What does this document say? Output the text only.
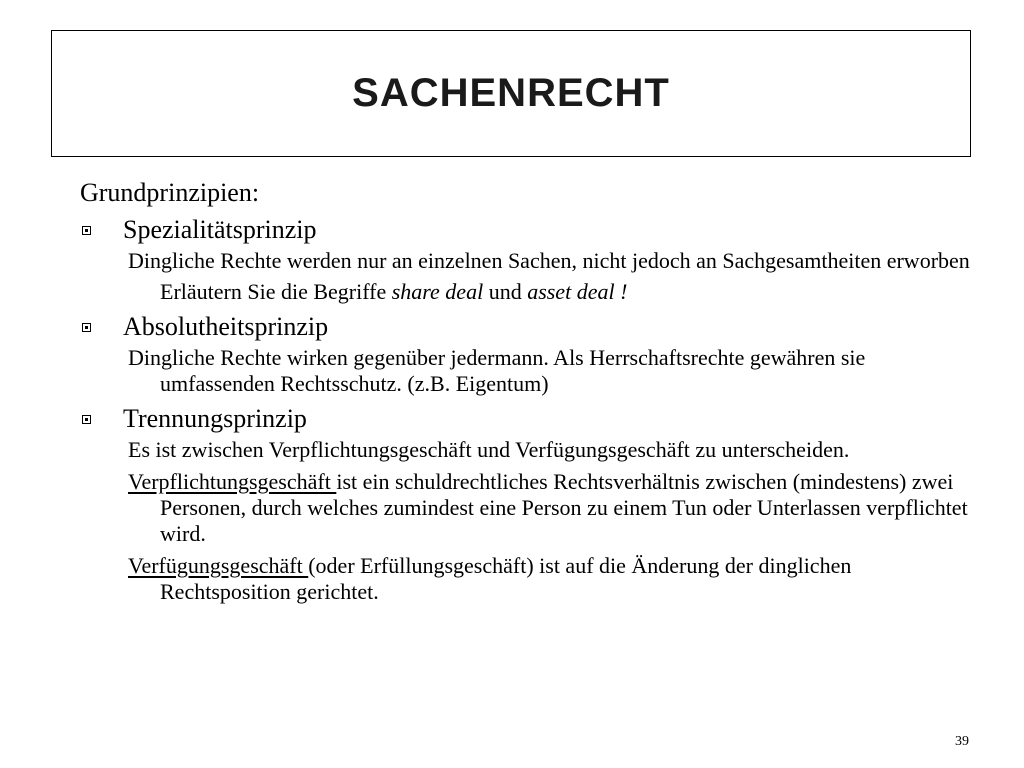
SACHENRECHT
Grundprinzipien:
Spezialitätsprinzip
Dingliche Rechte werden nur an einzelnen Sachen, nicht jedoch an Sachgesamtheiten erworben
Erläutern Sie die Begriffe share deal und asset deal !
Absolutheitsprinzip
Dingliche Rechte wirken gegenüber jedermann. Als Herrschaftsrechte gewähren sie umfassenden Rechtsschutz. (z.B. Eigentum)
Trennungsprinzip
Es ist zwischen Verpflichtungsgeschäft und Verfügungsgeschäft zu unterscheiden.
Verpflichtungsgeschäft ist ein schuldrechtliches Rechtsverhältnis zwischen (mindestens) zwei Personen, durch welches zumindest eine Person zu einem Tun oder Unterlassen verpflichtet wird.
Verfügungsgeschäft (oder Erfüllungsgeschäft) ist auf die Änderung der dinglichen Rechtsposition gerichtet.
39
